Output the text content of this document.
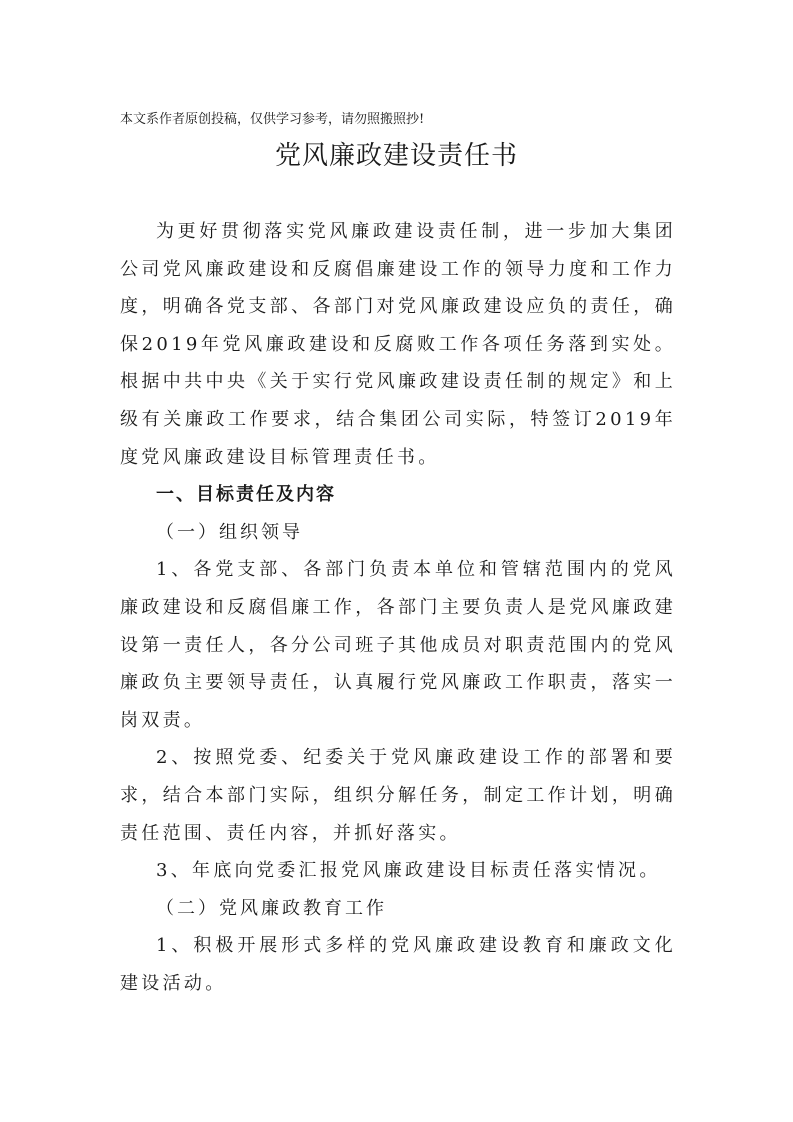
本文系作者原创投稿，仅供学习参考，请勿照搬照抄!
党风廉政建设责任书

为更好贯彻落实党风廉政建设责任制，进一步加大集团公司党风廉政建设和反腐倡廉建设工作的领导力度和工作力度，明确各党支部、各部门对党风廉政建设应负的责任，确保2019年党风廉政建设和反腐败工作各项任务落到实处。根据中共中央《关于实行党风廉政建设责任制的规定》和上级有关廉政工作要求，结合集团公司实际，特签订2019年度党风廉政建设目标管理责任书。

一、目标责任及内容

（一）组织领导

1、各党支部、各部门负责本单位和管辖范围内的党风廉政建设和反腐倡廉工作，各部门主要负责人是党风廉政建设第一责任人，各分公司班子其他成员对职责范围内的党风廉政负主要领导责任，认真履行党风廉政工作职责，落实一岗双责。

2、按照党委、纪委关于党风廉政建设工作的部署和要求，结合本部门实际，组织分解任务，制定工作计划，明确责任范围、责任内容，并抓好落实。

3、年底向党委汇报党风廉政建设目标责任落实情况。

（二）党风廉政教育工作

1、积极开展形式多样的党风廉政建设教育和廉政文化建设活动。
